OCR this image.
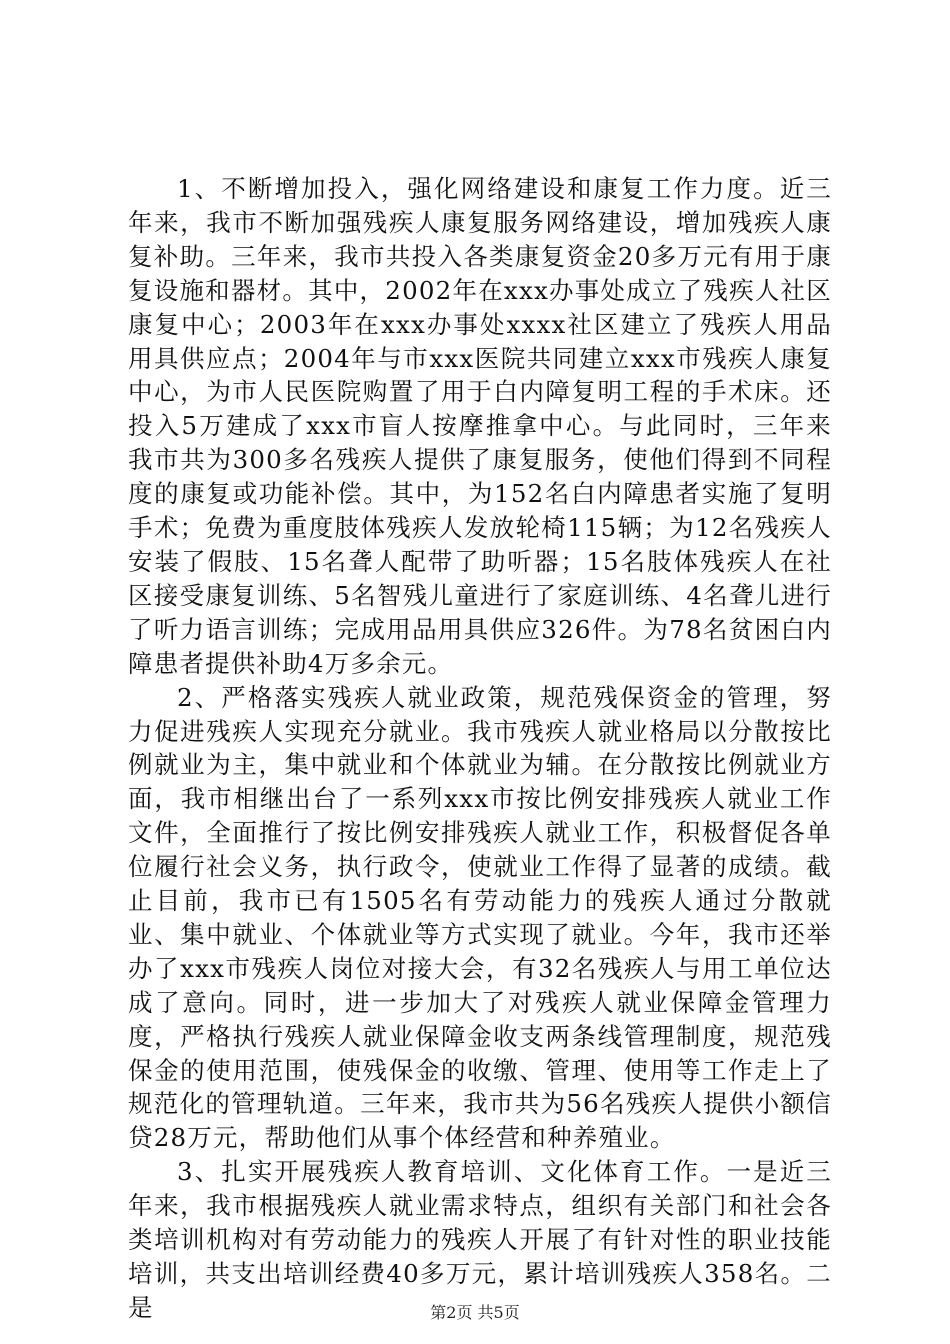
1、不断增加投入，强化网络建设和康复工作力度。近三年来，我市不断加强残疾人康复服务网络建设，增加残疾人康复补助。三年来，我市共投入各类康复资金20多万元有用于康复设施和器材。其中，2002年在xxx办事处成立了残疾人社区康复中心；2003年在xxx办事处xxxx社区建立了残疾人用品用具供应点；2004年与市xxx医院共同建立xxx市残疾人康复中心，为市人民医院购置了用于白内障复明工程的手术床。还投入5万建成了xxx市盲人按摩推拿中心。与此同时，三年来我市共为300多名残疾人提供了康复服务，使他们得到不同程度的康复或功能补偿。其中，为152名白内障患者实施了复明手术；免费为重度肢体残疾人发放轮椅115辆；为12名残疾人安装了假肢、15名聋人配带了助听器；15名肢体残疾人在社区接受康复训练、5名智残儿童进行了家庭训练、4名聋儿进行了听力语言训练；完成用品用具供应326件。为78名贫困白内障患者提供补助4万多余元。

2、严格落实残疾人就业政策，规范残保资金的管理，努力促进残疾人实现充分就业。我市残疾人就业格局以分散按比例就业为主，集中就业和个体就业为辅。在分散按比例就业方面，我市相继出台了一系列xxx市按比例安排残疾人就业工作文件，全面推行了按比例安排残疾人就业工作，积极督促各单位履行社会义务，执行政令，使就业工作得了显著的成绩。截止目前，我市已有1505名有劳动能力的残疾人通过分散就业、集中就业、个体就业等方式实现了就业。今年，我市还举办了xxx市残疾人岗位对接大会，有32名残疾人与用工单位达成了意向。同时，进一步加大了对残疾人就业保障金管理力度，严格执行残疾人就业保障金收支两条线管理制度，规范残保金的使用范围，使残保金的收缴、管理、使用等工作走上了规范化的管理轨道。三年来，我市共为56名残疾人提供小额信贷28万元，帮助他们从事个体经营和种养殖业。

3、扎实开展残疾人教育培训、文化体育工作。一是近三年来，我市根据残疾人就业需求特点，组织有关部门和社会各类培训机构对有劳动能力的残疾人开展了有针对性的职业技能培训，共支出培训经费40多万元，累计培训残疾人358名。二是	第2页 共5页
